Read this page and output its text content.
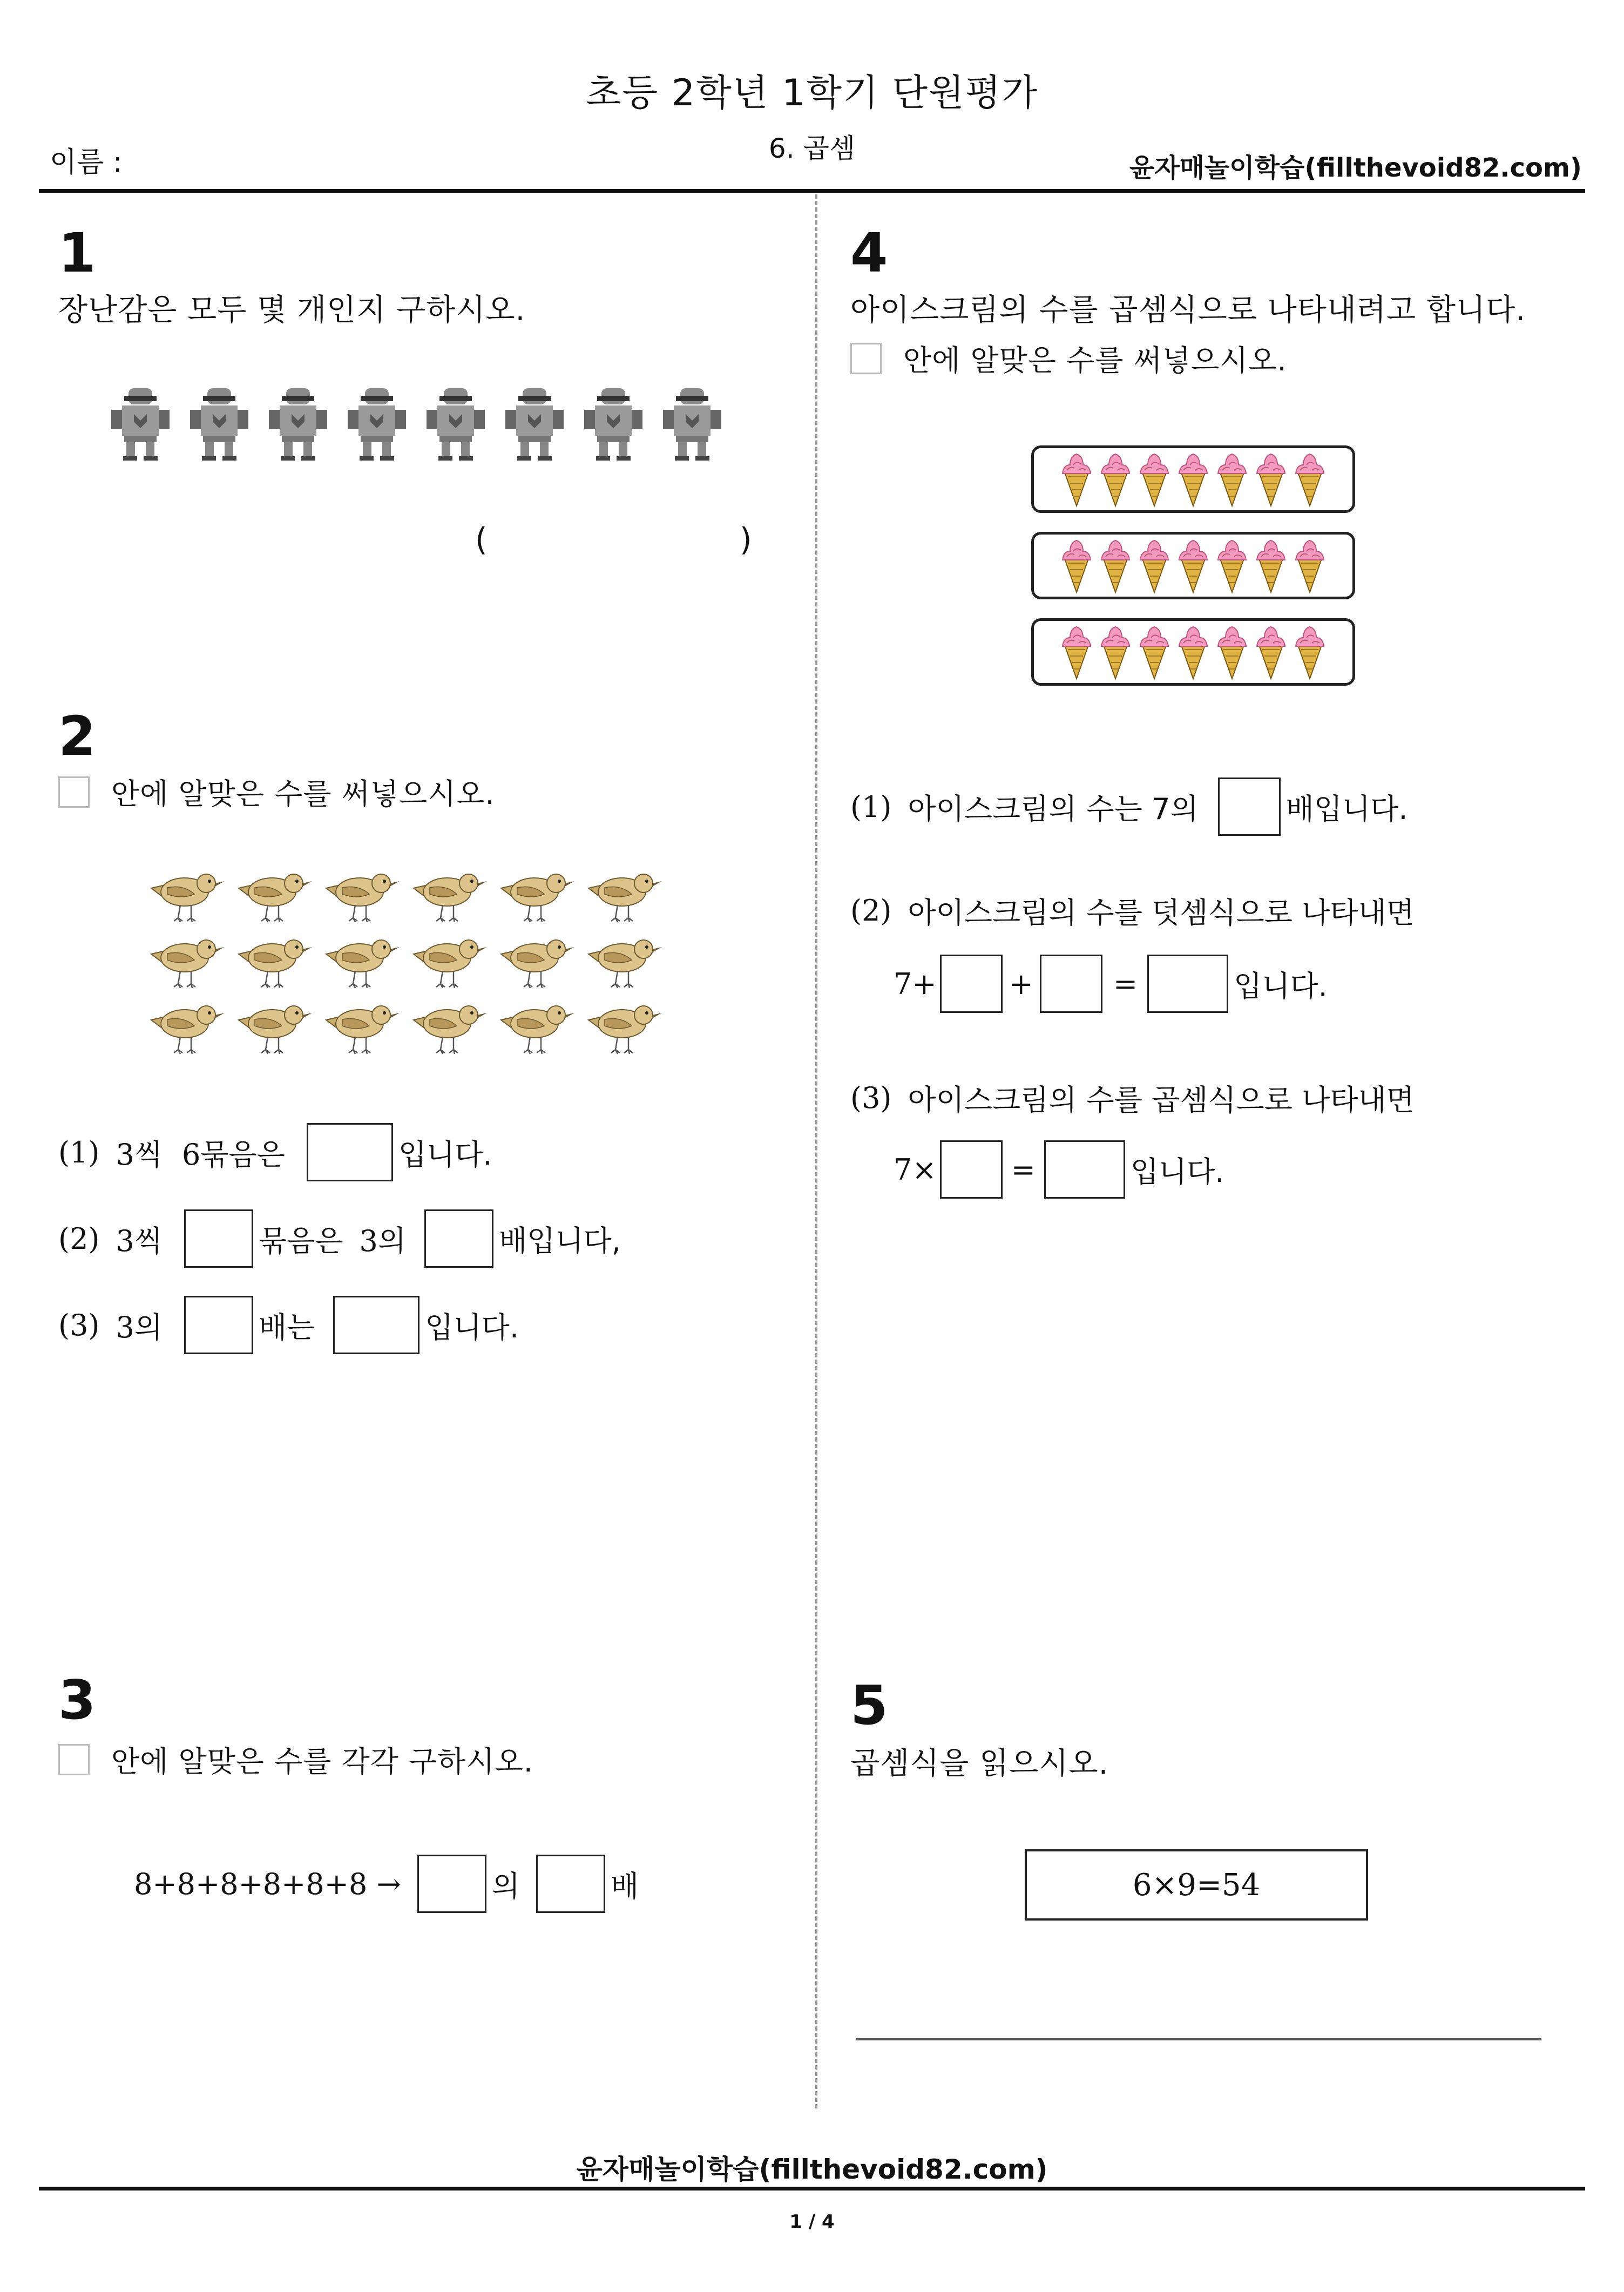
초등 2학년 1학기 단원평가
6. 곱셈
이름 :	윤자매놀이학습(fillthevoid82.com)
1
장난감은 모두 몇 개인지 구하시오.
(	)
2
안에 알맞은 수를 써넣으시오.
(1) 3씩 6묶음은	입니다.
(2) 3씩	묶음은 3의	배입니다,
(3) 3의	배는	입니다.
3
안에 알맞은 수를 각각 구하시오.
8+8+8+8+8+8 →	의	배
4
아이스크림의 수를 곱셈식으로 나타내려고 합니다.
안에 알맞은 수를 써넣으시오.
(1) 아이스크림의 수는 7의	배입니다.
(2) 아이스크림의 수를 덧셈식으로 나타내면
7+ +	=	입니다.
(3) 아이스크림의 수를 곱셈식으로 나타내면
7×	=	입니다.
5
곱셈식을 읽으시오.
6×9=54
윤자매놀이학습(fillthevoid82.com)
1 / 4
